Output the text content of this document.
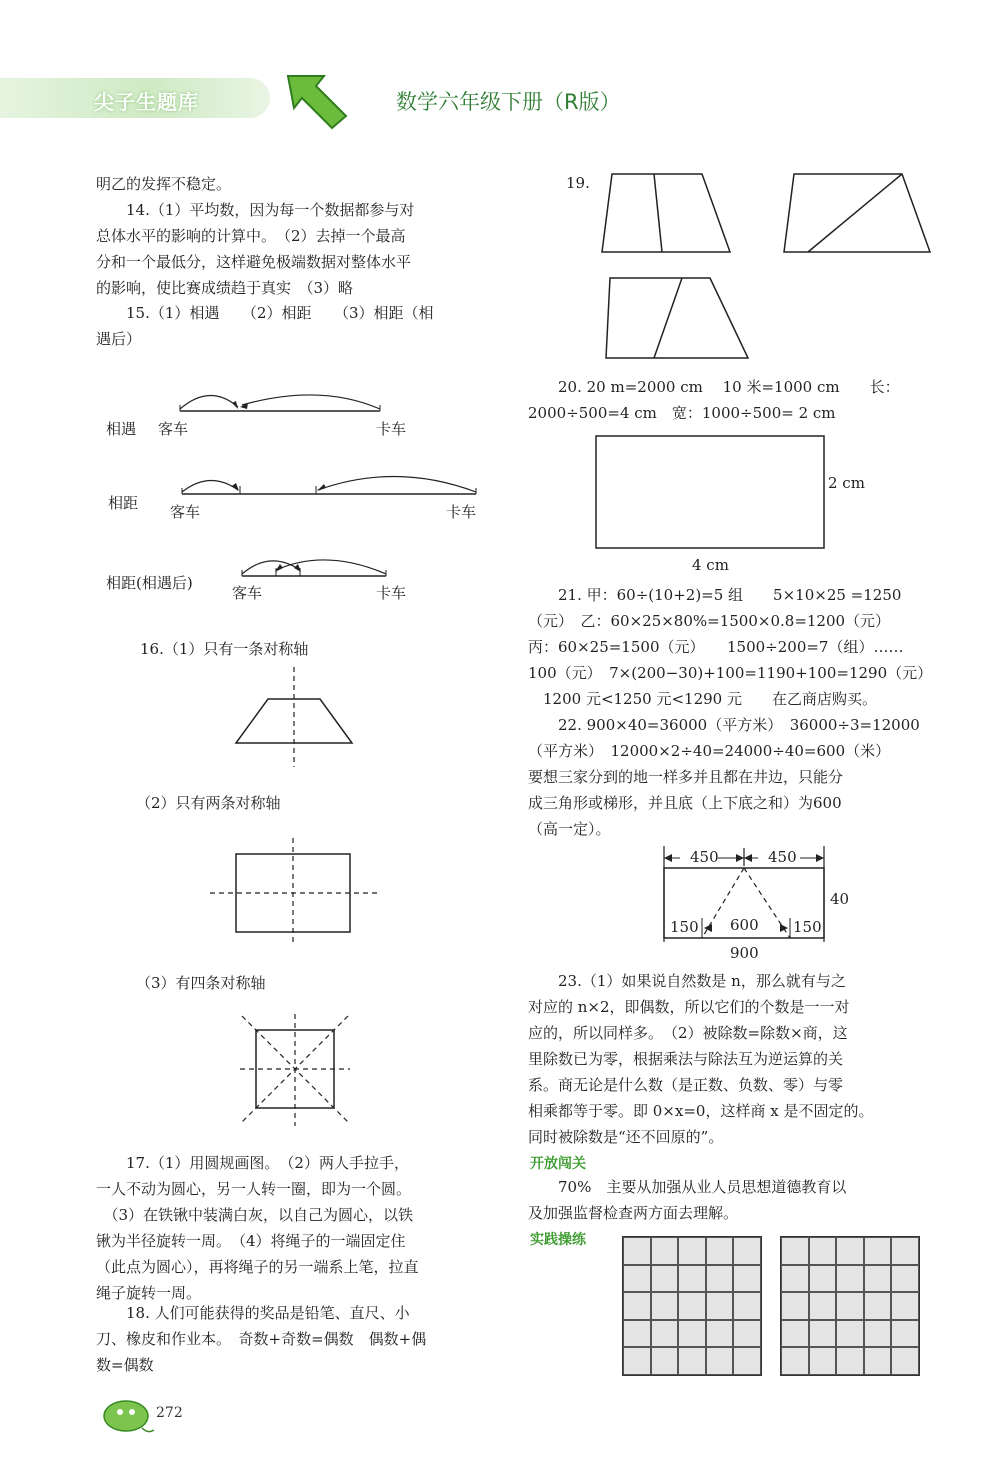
尖子生题库	数学六年级下册（R版）
明乙的发挥不稳定。
　　14.（1）平均数，因为每一个数据都参与对
总体水平的影响的计算中。　（2）去掉一个最高
分和一个最低分，这样避免极端数据对整体水平
的影响，使比赛成绩趋于真实　（3）略
　　15.（1）相遇　　（2）相距　　（3）相距（相
遇后）
相遇 客车	卡车
相距 客车	卡车
相距(相遇后)
客车	卡车
16.（1）只有一条对称轴
（2）只有两条对称轴
（3）有四条对称轴
　　17.（1）用圆规画图。　（2）两人手拉手，
一人不动为圆心，另一人转一圈，即为一个圆。
　（3）在铁锹中装满白灰，以自己为圆心，以铁
锹为半径旋转一周。　（4）将绳子的一端固定住
（此点为圆心），再将绳子的另一端系上笔，拉直
绳子旋转一周。
　　18. 人们可能获得的奖品是铅笔、直尺、小
刀、橡皮和作业本。　奇数+奇数=偶数　偶数+偶
数=偶数
19.
　　20. 20 m=2000 cm　 10 米=1000 cm　　长：
2000÷500=4 cm　宽：1000÷500= 2 cm
2 cm
4 cm
　　21. 甲：60÷(10+2)=5 组　　5×10×25 =1250
（元）　乙：60×25×80%=1500×0.8=1200（元）
丙：60×25=1500（元）　　1500÷200=7（组）……
100（元）　7×(200−30)+100=1190+100=1290（元）
　1200 元<1250 元<1290 元　　在乙商店购买。
　　22. 900×40=36000（平方米）　36000÷3=12000
（平方米）　12000×2÷40=24000÷40=600（米）
要想三家分到的地一样多并且都在井边，只能分
成三角形或梯形，并且底（上下底之和）为600
（高一定）。
450	450
40
150 600 150
900
　　23.（1）如果说自然数是 n，那么就有与之
对应的 n×2，即偶数，所以它们的个数是一一对
应的，所以同样多。　（2）被除数=除数×商，这
里除数已为零，根据乘法与除法互为逆运算的关
系。商无论是什么数（是正数、负数、零）与零
相乘都等于零。即 0×x=0，这样商 x 是不固定的。
同时被除数是“还不回原的”。
开放闯关
　　70%　主要从加强从业人员思想道德教育以
及加强监督检查两方面去理解。
实践操练
272
